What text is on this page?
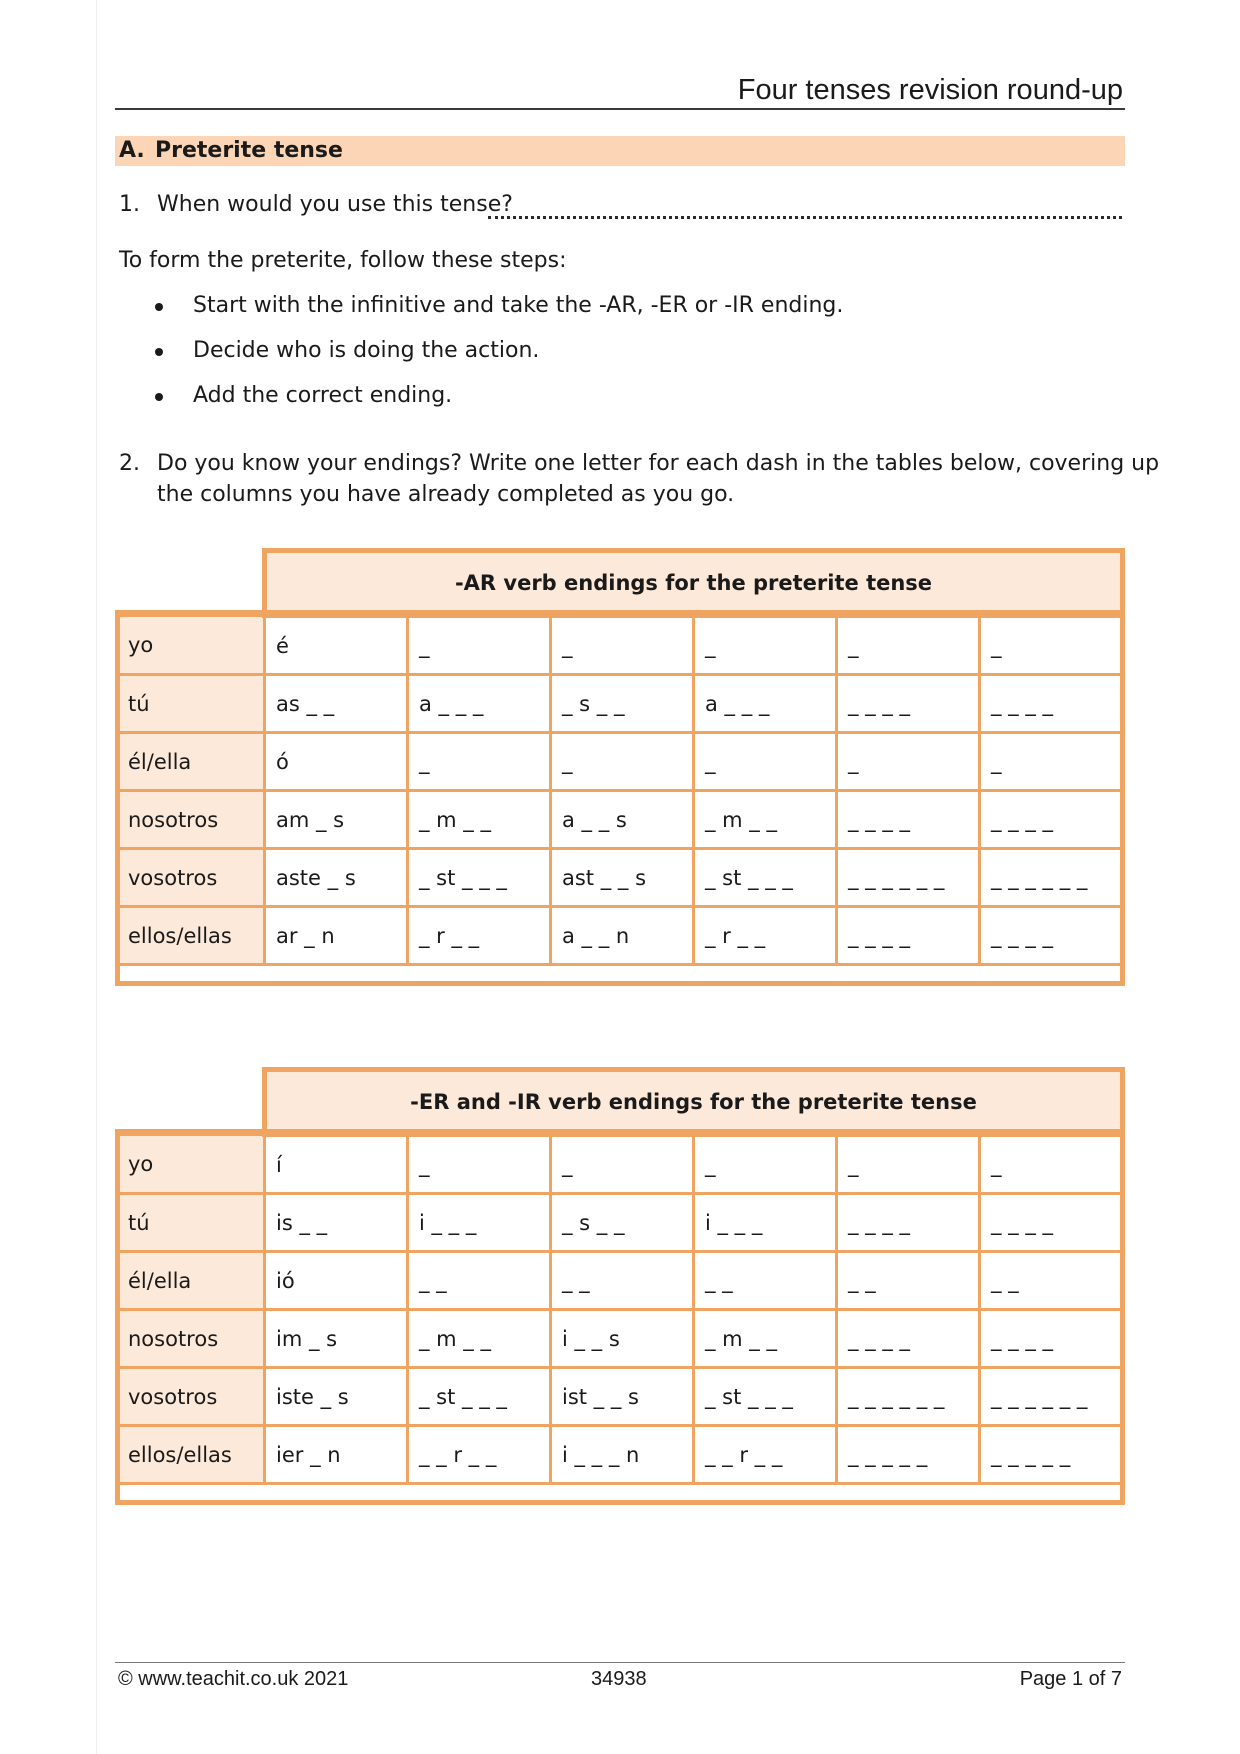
Four tenses revision round-up
A. Preterite tense
1. When would you use this tense?
To form the preterite, follow these steps:
Start with the infinitive and take the -AR, -ER or -IR ending.
Decide who is doing the action.
Add the correct ending.
2. Do you know your endings? Write one letter for each dash in the tables below, covering up
the columns you have already completed as you go.
	-AR verb endings for the preterite tense					
yo	é	_	_	_	_	_
tú	as _ _	a _ _ _	_ s _ _	a _ _ _	_ _ _ _	_ _ _ _
él/ella	ó	_	_	_	_	_
nosotros	am _ s	_ m _ _	a _ _ s	_ m _ _	_ _ _ _	_ _ _ _
vosotros	aste _ s	_ st _ _ _	ast _ _ s	_ st _ _ _	_ _ _ _ _ _	_ _ _ _ _ _
ellos/ellas	ar _ n	_ r _ _	a _ _ n	_ r _ _	_ _ _ _	_ _ _ _
	-ER and -IR verb endings for the preterite tense					
yo	í	_	_	_	_	_
tú	is _ _	i _ _ _	_ s _ _	i _ _ _	_ _ _ _	_ _ _ _
él/ella	ió	_ _	_ _	_ _	_ _	_ _
nosotros	im _ s	_ m _ _	i _ _ s	_ m _ _	_ _ _ _	_ _ _ _
vosotros	iste _ s	_ st _ _ _	ist _ _ s	_ st _ _ _	_ _ _ _ _ _	_ _ _ _ _ _
ellos/ellas	ier _ n	_ _ r _ _	i _ _ _ n	_ _ r _ _	_ _ _ _ _	_ _ _ _ _
© www.teachit.co.uk 2021	34938	Page 1 of 7
